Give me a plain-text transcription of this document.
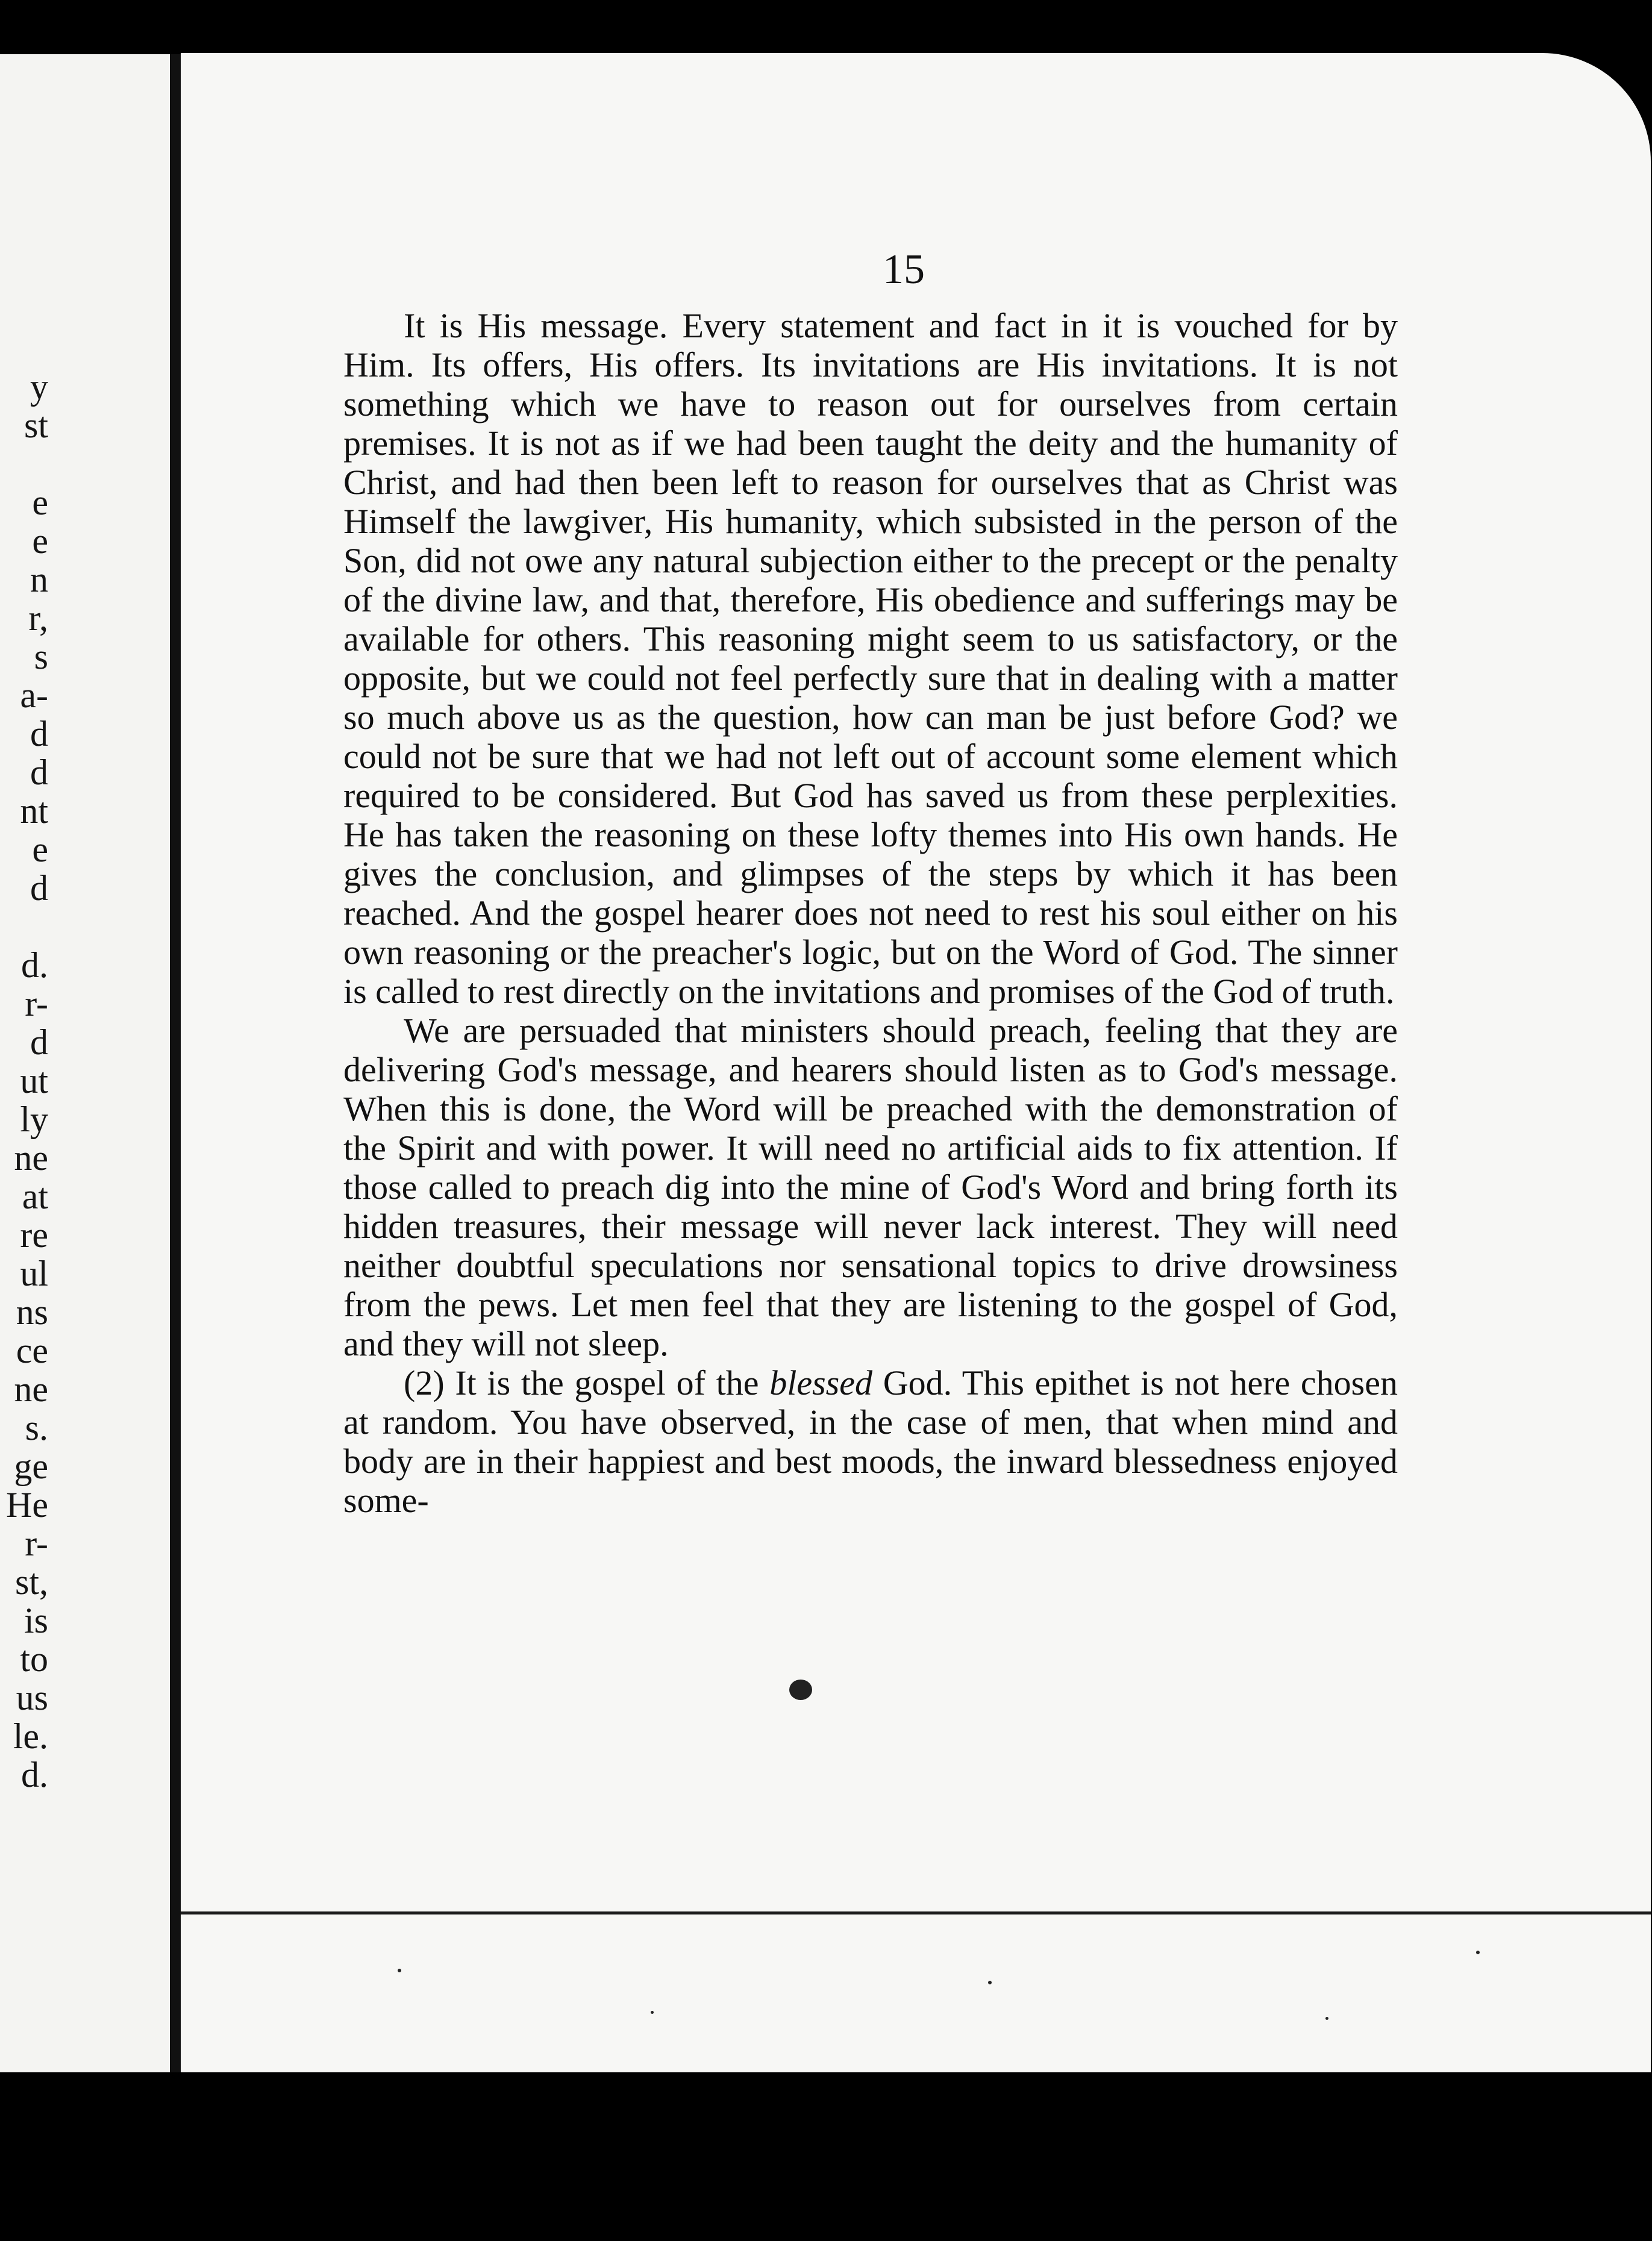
y
st
e
e
n
r,
s
a-
d
d
nt
e
d
d.
r-
d
ut
ly
ne
at
re
ul
ns
ce
ne
s.
ge
He
r-
st,
is
to
us
le.
d.
15

It is His message. Every statement and fact in it is vouched for by Him. Its offers, His offers. Its invitations are His invitations. It is not something which we have to reason out for ourselves from certain premises. It is not as if we had been taught the deity and the humanity of Christ, and had then been left to reason for ourselves that as Christ was Himself the lawgiver, His humanity, which subsisted in the person of the Son, did not owe any natural subjection either to the precept or the penalty of the divine law, and that, therefore, His obedience and sufferings may be available for others. This reasoning might seem to us satisfactory, or the opposite, but we could not feel perfectly sure that in dealing with a matter so much above us as the question, how can man be just before God? we could not be sure that we had not left out of account some element which required to be considered. But God has saved us from these perplexities. He has taken the reasoning on these lofty themes into His own hands. He gives the conclusion, and glimpses of the steps by which it has been reached. And the gospel hearer does not need to rest his soul either on his own reasoning or the preacher's logic, but on the Word of God. The sinner is called to rest directly on the invitations and promises of the God of truth.

We are persuaded that ministers should preach, feeling that they are delivering God's message, and hearers should listen as to God's message. When this is done, the Word will be preached with the demonstration of the Spirit and with power. It will need no artificial aids to fix attention. If those called to preach dig into the mine of God's Word and bring forth its hidden treasures, their message will never lack interest. They will need neither doubtful speculations nor sensational topics to drive drowsiness from the pews. Let men feel that they are listening to the gospel of God, and they will not sleep.

(2) It is the gospel of the blessed God. This epithet is not here chosen at random. You have observed, in the case of men, that when mind and body are in their happiest and best moods, the inward blessedness enjoyed some-
